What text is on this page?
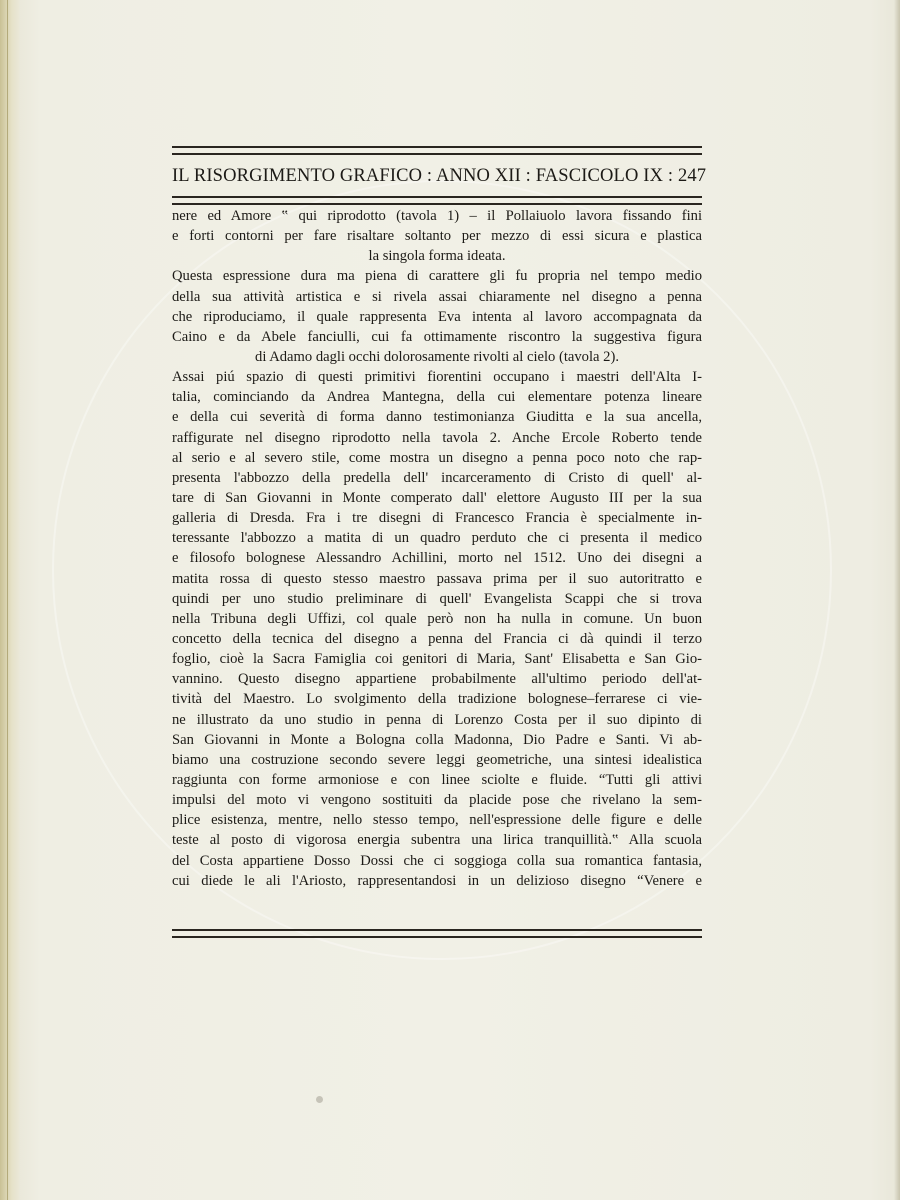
IL RISORGIMENTO GRAFICO : ANNO XII : FASCICOLO IX : 247
nere ed Amore ‟ qui riprodotto (tavola 1) – il Pollaiuolo lavora fissando fini
e forti contorni per fare risaltare soltanto per mezzo di essi sicura e plastica
la singola forma ideata.
Questa espressione dura ma piena di carattere gli fu propria nel tempo medio
della sua attività artistica e si rivela assai chiaramente nel disegno a penna
che riproduciamo, il quale rappresenta Eva intenta al lavoro accompagnata da
Caino e da Abele fanciulli, cui fa ottimamente riscontro la suggestiva figura
di Adamo dagli occhi dolorosamente rivolti al cielo (tavola 2).
Assai piú spazio di questi primitivi fiorentini occupano i maestri dell'Alta I-
talia, cominciando da Andrea Mantegna, della cui elementare potenza lineare
e della cui severità di forma danno testimonianza Giuditta e la sua ancella,
raffigurate nel disegno riprodotto nella tavola 2. Anche Ercole Roberto tende
al serio e al severo stile, come mostra un disegno a penna poco noto che rap-
presenta l'abbozzo della predella dell' incarceramento di Cristo di quell' al-
tare di San Giovanni in Monte comperato dall' elettore Augusto III per la sua
galleria di Dresda. Fra i tre disegni di Francesco Francia è specialmente in-
teressante l'abbozzo a matita di un quadro perduto che ci presenta il medico
e filosofo bolognese Alessandro Achillini, morto nel 1512. Uno dei disegni a
matita rossa di questo stesso maestro passava prima per il suo autoritratto e
quindi per uno studio preliminare di quell' Evangelista Scappi che si trova
nella Tribuna degli Uffizi, col quale però non ha nulla in comune. Un buon
concetto della tecnica del disegno a penna del Francia ci dà quindi il terzo
foglio, cioè la Sacra Famiglia coi genitori di Maria, Sant' Elisabetta e San Gio-
vannino. Questo disegno appartiene probabilmente all'ultimo periodo dell'at-
tività del Maestro. Lo svolgimento della tradizione bolognese–ferrarese ci vie-
ne illustrato da uno studio in penna di Lorenzo Costa per il suo dipinto di
San Giovanni in Monte a Bologna colla Madonna, Dio Padre e Santi. Vi ab-
biamo una costruzione secondo severe leggi geometriche, una sintesi idealistica
raggiunta con forme armoniose e con linee sciolte e fluide. “Tutti gli attivi
impulsi del moto vi vengono sostituiti da placide pose che rivelano la sem-
plice esistenza, mentre, nello stesso tempo, nell'espressione delle figure e delle
teste al posto di vigorosa energia subentra una lirica tranquillità.‟ Alla scuola
del Costa appartiene Dosso Dossi che ci soggioga colla sua romantica fantasia,
cui diede le ali l'Ariosto, rappresentandosi in un delizioso disegno “Venere e
